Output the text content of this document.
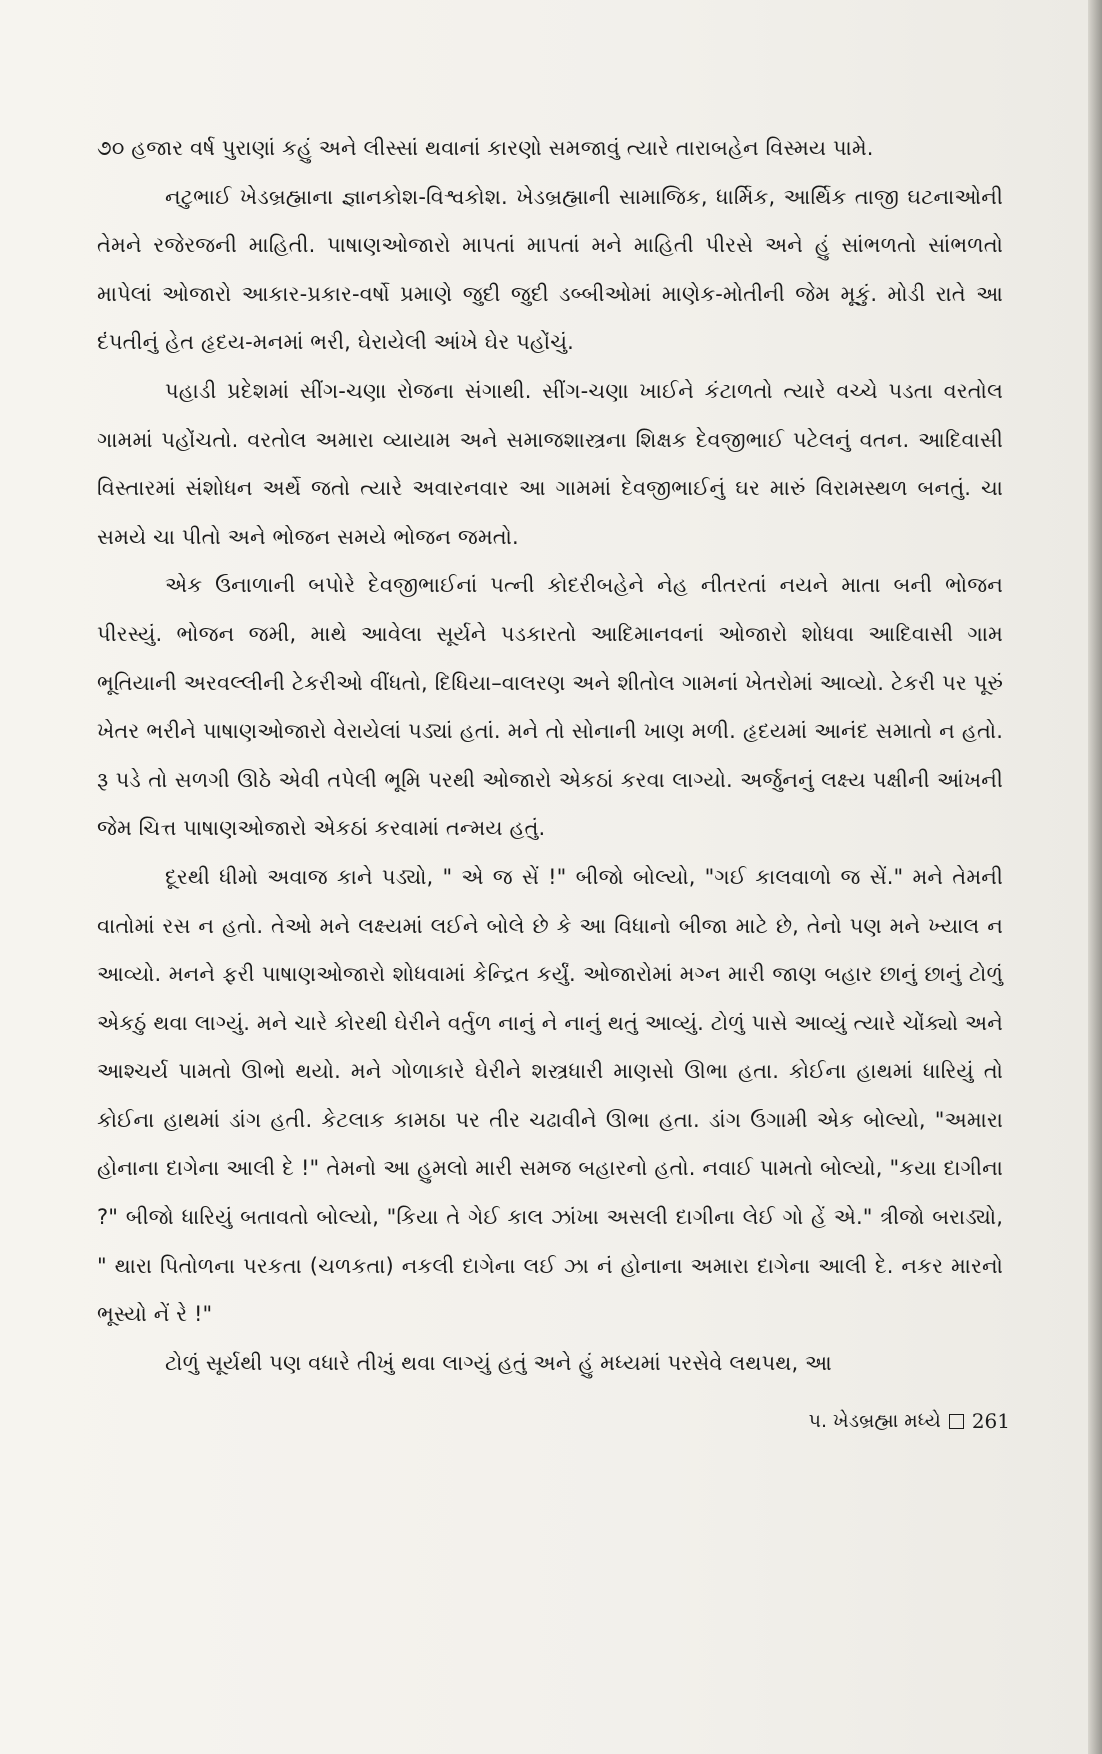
૭૦ હજાર વર્ષ પુરાણાં કહું અને લીસ્સાં થવાનાં કારણો સમજાવું ત્યારે તારાબહેન વિસ્મય પામે.

નટુભાઈ ખેડબ્રહ્માના જ્ઞાનકોશ-વિશ્વકોશ. ખેડબ્રહ્માની સામાજિક, ધાર્મિક, આર્થિક તાજી ઘટનાઓની તેમને રજેરજની માહિતી. પાષાણઓજારો માપતાં માપતાં મને માહિતી પીરસે અને હું સાંભળતો સાંભળતો માપેલાં ઓજારો આકાર-પ્રકાર-વર્ષો પ્રમાણે જુદી જુદી ડબ્બીઓમાં માણેક-મોતીની જેમ મૂકું. મોડી રાતે આ દંપતીનું હેત હૃદય-મનમાં ભરી, ઘેરાયેલી આંખે ઘેર પહોંચું.

પહાડી પ્રદેશમાં સીંગ-ચણા રોજના સંગાથી. સીંગ-ચણા ખાઈને કંટાળતો ત્યારે વચ્ચે પડતા વરતોલ ગામમાં પહોંચતો. વરતોલ અમારા વ્યાયામ અને સમાજશાસ્ત્રના શિક્ષક દેવજીભાઈ પટેલનું વતન. આદિવાસી વિસ્તારમાં સંશોધન અર્થે જતો ત્યારે અવારનવાર આ ગામમાં દેવજીભાઈનું ઘર મારું વિરામસ્થળ બનતું. ચા સમયે ચા પીતો અને ભોજન સમયે ભોજન જમતો.

એક ઉનાળાની બપોરે દેવજીભાઈનાં પત્ની કોદરીબહેને નેહ નીતરતાં નયને માતા બની ભોજન પીરસ્યું. ભોજન જમી, માથે આવેલા સૂર્યને પડકારતો આદિમાનવનાં ઓજારો શોધવા આદિવાસી ગામ ભૂતિયાની અરવલ્લીની ટેકરીઓ વીંધતો, દિધિયા–વાલરણ અને શીતોલ ગામનાં ખેતરોમાં આવ્યો. ટેકરી પર પૂરું ખેતર ભરીને પાષાણઓજારો વેરાયેલાં પડ્યાં હતાં. મને તો સોનાની ખાણ મળી. હૃદયમાં આનંદ સમાતો ન હતો. રૂ પડે તો સળગી ઊઠે એવી તપેલી ભૂમિ પરથી ઓજારો એકઠાં કરવા લાગ્યો. અર્જુનનું લક્ષ્ય પક્ષીની આંખની જેમ ચિત્ત પાષાણઓજારો એકઠાં કરવામાં તન્મય હતું.

દૂરથી ધીમો અવાજ કાને પડ્યો, " એ જ સેં !" બીજો બોલ્યો, "ગઈ કાલવાળો જ સેં." મને તેમની વાતોમાં રસ ન હતો. તેઓ મને લક્ષ્યમાં લઈને બોલે છે કે આ વિધાનો બીજા માટે છે, તેનો પણ મને ખ્યાલ ન આવ્યો. મનને ફરી પાષાણઓજારો શોધવામાં કેન્દ્રિત કર્યું. ઓજારોમાં મગ્ન મારી જાણ બહાર છાનું છાનું ટોળું એકઠું થવા લાગ્યું. મને ચારે કોરથી ઘેરીને વર્તુળ નાનું ને નાનું થતું આવ્યું. ટોળું પાસે આવ્યું ત્યારે ચોંક્યો અને આશ્ચર્ય પામતો ઊભો થયો. મને ગોળાકારે ઘેરીને શસ્ત્રધારી માણસો ઊભા હતા. કોઈના હાથમાં ધારિયું તો કોઈના હાથમાં ડાંગ હતી. કેટલાક કામઠા પર તીર ચઢાવીને ઊભા હતા. ડાંગ ઉગામી એક બોલ્યો, "અમારા હોનાના દાગેના આલી દે !" તેમનો આ હુમલો મારી સમજ બહારનો હતો. નવાઈ પામતો બોલ્યો, "કયા દાગીના ?" બીજો ધારિયું બતાવતો બોલ્યો, "કિયા તે ગેઈ કાલ ઝાંખા અસલી દાગીના લેઈ ગો હેં એ." ત્રીજો બરાડ્યો, " થારા પિતોળના પરકતા (ચળકતા) નકલી દાગેના લઈ ઝા નં હોનાના અમારા દાગેના આલી દે. નકર મારનો ભૂસ્યો નેં રે !"

ટોળું સૂર્યથી પણ વધારે તીખું થવા લાગ્યું હતું અને હું મધ્યમાં પરસેવે લથપથ, આ

પ. ખેડબ્રહ્મા મધ્યે 261
